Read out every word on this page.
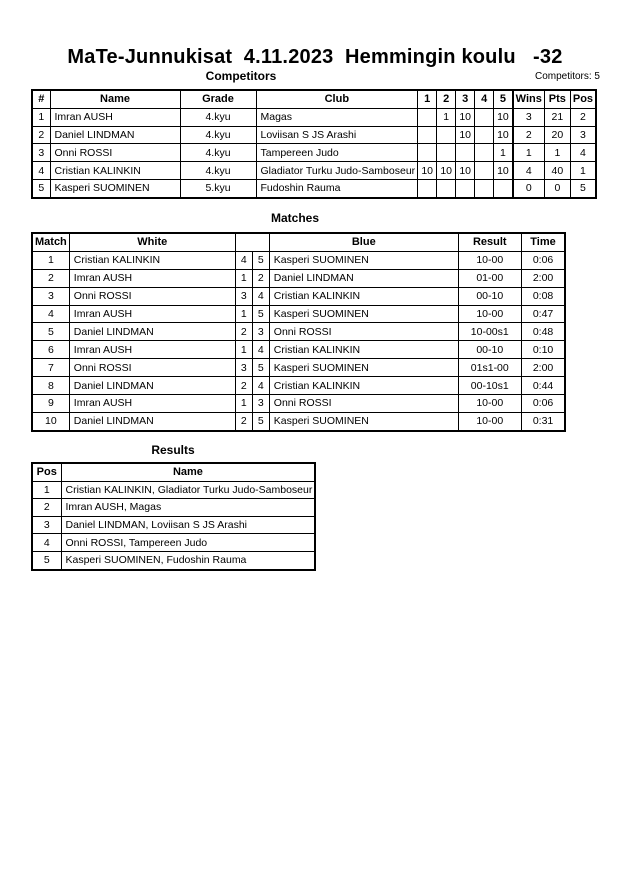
MaTe-Junnukisat  4.11.2023  Hemmingin koulu   -32
Competitors	Competitors: 5
#	Name	Grade	Club	1	2	3	4	5	Wins	Pts	Pos
1	Imran AUSH	4.kyu	Magas		1	10		10	3	21	2
2	Daniel LINDMAN	4.kyu	Loviisan S JS Arashi			10		10	2	20	3
3	Onni ROSSI	4.kyu	Tampereen Judo					1	1	1	4
4	Cristian KALINKIN	4.kyu	Gladiator Turku Judo-Samboseur	10	10	10		10	4	40	1
5	Kasperi SUOMINEN	5.kyu	Fudoshin Rauma						0	0	5
Matches
Match	White			Blue	Result	Time
1	Cristian KALINKIN	4	5	Kasperi SUOMINEN	10-00	0:06
2	Imran AUSH	1	2	Daniel LINDMAN	01-00	2:00
3	Onni ROSSI	3	4	Cristian KALINKIN	00-10	0:08
4	Imran AUSH	1	5	Kasperi SUOMINEN	10-00	0:47
5	Daniel LINDMAN	2	3	Onni ROSSI	10-00s1	0:48
6	Imran AUSH	1	4	Cristian KALINKIN	00-10	0:10
7	Onni ROSSI	3	5	Kasperi SUOMINEN	01s1-00	2:00
8	Daniel LINDMAN	2	4	Cristian KALINKIN	00-10s1	0:44
9	Imran AUSH	1	3	Onni ROSSI	10-00	0:06
10	Daniel LINDMAN	2	5	Kasperi SUOMINEN	10-00	0:31
Results
Pos	Name
1	Cristian KALINKIN, Gladiator Turku Judo-Samboseur
2	Imran AUSH, Magas
3	Daniel LINDMAN, Loviisan S JS Arashi
4	Onni ROSSI, Tampereen Judo
5	Kasperi SUOMINEN, Fudoshin Rauma
